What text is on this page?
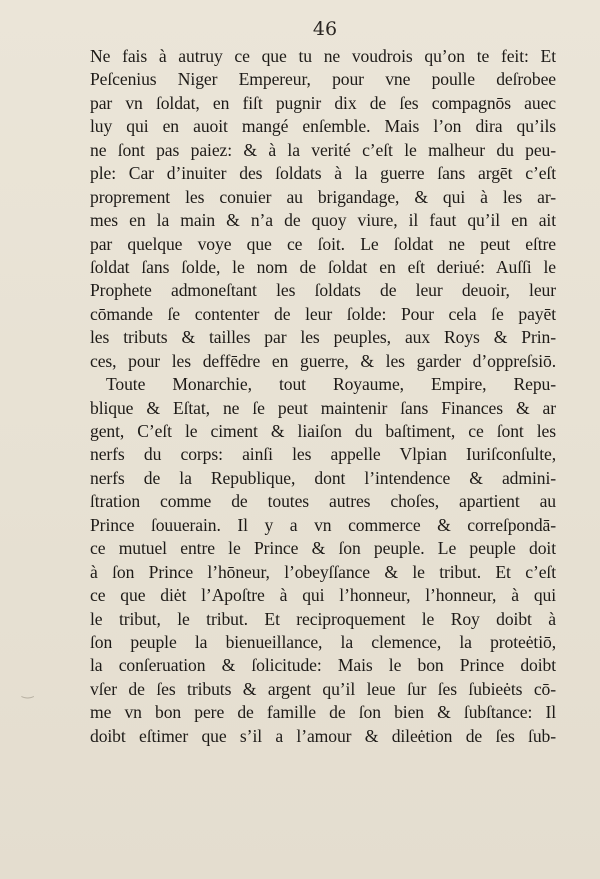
46
Ne fais à autruy ce que tu ne voudrois qu’on te feit: Et
Peſcenius Niger Empereur, pour vne poulle deſrobee
par vn ſoldat, en fiſt pugnir dix de ſes compagnōs auec
luy qui en auoit mangé enſemble. Mais l’on dira qu’ils
ne ſont pas paiez: & à la verité c’eſt le malheur du peu-
ple: Car d’inuiter des ſoldats à la guerre ſans argēt c’eſt
proprement les conuier au brigandage, & qui à les ar-
mes en la main & n’a de quoy viure, il faut qu’il en ait
par quelque voye que ce ſoit. Le ſoldat ne peut eſtre
ſoldat ſans ſolde, le nom de ſoldat en eſt deriué: Auſſi le
Prophete admoneſtant les ſoldats de leur deuoir, leur
cōmande ſe contenter de leur ſolde: Pour cela ſe payēt
les tributs & tailles par les peuples, aux Roys & Prin-
ces, pour les deffēdre en guerre, & les garder d’oppreſsiō.
Toute Monarchie, tout Royaume, Empire, Repu-
blique & Eſtat, ne ſe peut maintenir ſans Finances & ar
gent, C’eſt le ciment & liaiſon du baſtiment, ce ſont les
nerfs du corps: ainſi les appelle Vlpian Iuriſconſulte,
nerfs de la Republique, dont l’intendence & admini-
ſtration comme de toutes autres choſes, apartient au
Prince ſouuerain. Il y a vn commerce & correſpondā-
ce mutuel entre le Prince & ſon peuple. Le peuple doit
à ſon Prince l’hōneur, l’obeyſſance & le tribut. Et c’eſt
ce que diėt l’Apoſtre à qui l’honneur, l’honneur, à qui
le tribut, le tribut. Et reciproquement le Roy doibt à
ſon peuple la bienueillance, la clemence, la proteėtiō,
la conſeruation & ſolicitude: Mais le bon Prince doibt
vſer de ſes tributs & argent qu’il leue ſur ſes ſubieėts cō-
me vn bon pere de famille de ſon bien & ſubſtance: Il
doibt eſtimer que s’il a l’amour & dileėtion de ſes ſub-
‿
